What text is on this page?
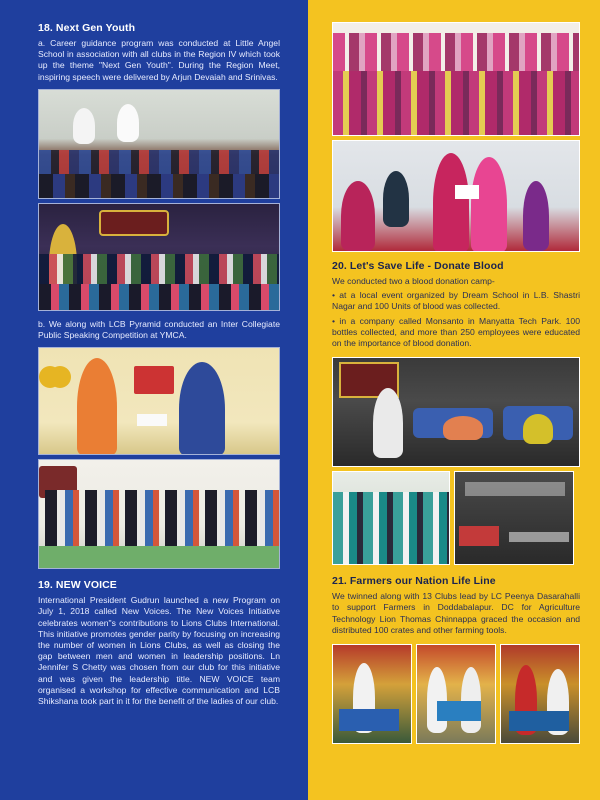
18. Next Gen Youth

a. Career guidance program was conducted at Little Angel School in association with all clubs in the Region IV which took up the theme "Next Gen Youth". During the Region Meet, inspiring speech were delivered by Arjun Devaiah and Srinivas.

b. We along with LCB Pyramid conducted an Inter Collegiate Public Speaking Competition at YMCA.

19. NEW VOICE

International President Gudrun launched a new Program on July 1, 2018 called New Voices. The New Voices Initiative celebrates women"s contributions to Lions Clubs International. This initiative promotes gender parity by focusing on increasing the number of women in Lions Clubs, as well as closing the gap between men and women in leadership positions. Ln Jennifer S Chetty was chosen from our club for this initiative and was given the leadership title. NEW VOICE team organised a workshop for effective communication and LCB Shikshana took part in it for the benefit of the ladies of our club.

20. Let's Save Life - Donate Blood

We conducted two a blood donation camp-

• at a local event organized by Dream School in L.B. Shastri Nagar and 100 Units of blood was collected.

• in a company called Monsanto in Manyatta Tech Park. 100 bottles collected, and more than 250 employees were educated on the importance of blood donation.

21. Farmers our Nation Life Line

We twinned along with 13 Clubs lead by LC Peenya Dasarahalli to support Farmers in Doddabalapur. DC for Agriculture Technology Lion Thomas Chinnappa graced the occasion and distributed 100 crates and other farming tools.
